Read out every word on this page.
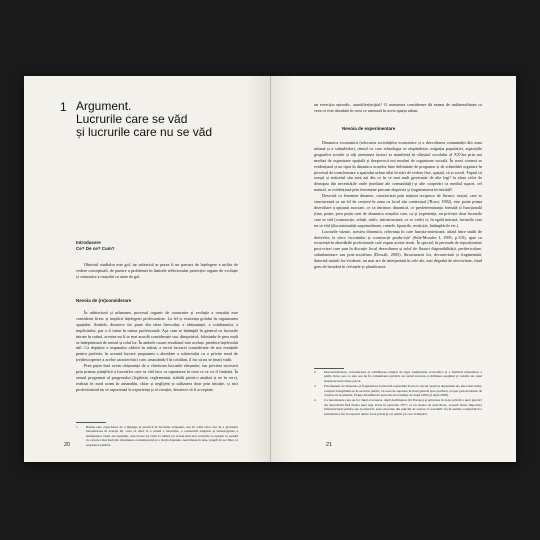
1 Argument.
Lucrurile care se văd
și lucrurile care nu se văd
Introducere
Ce? De ce? Cum?

Obiectul studiului este gol, iar subiectul ar putea fi un parcurs de înțelegere a ariilor de vedere conceptuali, de punere a problemei în limitele reflectorului protecției organe de evoluție și construire a orașului ca atare de gol.

Nevoia de (re)considerare

În arhitectură și urbanism, procesul organic de construire și evoluție a orașului este considerat firesc și implicit înțelegerii profesioniste. La fel și existența golului în organizarea spațiului. Ambele, deoarece fac parte din sfera firescului, a obișnuinței, a cotidianului, a implicitului, par a fi intrat în rutina profesională. Așa cum se întâmplă în general cu lucrurile intrate în rutină, acestea nu li se mai acordă considerație sau, dimpotrivă, folosindu-le prea mult se îndepărtează de sensul și rolul lor. În ambele cazuri rezultatul este același: pierdera înțelesului util. Ca depășire a impasului căderii în rutină, a servit lucrarei consideratie de noi esențiale pentru profesie, în această lucrare propunem o abordare a subiectului cu o privire nouă de (re)descoperire a acelor caracteristici care, aruncându-l în cotidian, il fac să nu se (mai) vadă.

Prea puțin însă avem obișnuința de a chestiona lucrurile obișnuite, ian privirea excesivă prin prisma științifică a lucrurilor care se văd face ca raportarea la ceea ce se va fi limitată. În sensul programat al progresului (legiferat, reglementat, stabilit printr-o analiză și ne în cerc), realizat în mod acum în ansamblu, chiar și neglijent și utilizarea doar prin intuiție, și nici profesionistul nu se raportează la experiența și al creației, deoarece să fi acceptate.

1	Rutina este capacitatea de a înțelege și practică în lucrurile obișnuite, sau în ochii celor sau de a globaliza introducerea în același fel, ceea ce duce la o rutină a lucrurilor, a construirii adaptive și tehnologizate a elementelor vieții, ale spațiului, care lovesc pe viitor la rutină, iar acesta sunt aici, lucrurile ce aparțin ce rezultă cu caracter mai înalt din chestiunea contemporană și a vieții obișnuite, neevidente în sine, proprii în aer liber, la respirarea publică.
20

un exercițiu episodic, autodifer(en)țial.¹ O asemenea considerare dă seama de unilateralitatea ca ceea ce este abordate în ceea ce urmează în acest spațiu urban.

Nevoia de experimentare

Dinamica economică (relocarea activităților economice și a dezvoltarea comunității din zona urbană și a suburbiilor), ritmul cu care tehnologia se răspândește, migrația populației, aspirațiile grupurilor sociale și alți asemenea factori se manifestă în sfârșitul secolului al XX-lea prin noi moduri de organizare spațială și dezpovocă noi moduri de organizare socială. În acest context se evidențiază și un tipar în dinamica orașelor bine delimitate de programe și de schimbări organice în procesul de transformare a spațiului urban aflat în stări de vedere fixe, spațial, că și social. Faptul că orașul și teritoriul său sunt azi din ce în ce mai mult guvernate de alte legi² în afara celor de deasupra din necesitățile orale (mediate ale comunității) și alte cooperări ca mediul suport, cel natural, se evidențiază prin fenomene precum dispersia și fragmentarea teritorială³.

Descrisă ca fenomen dinamic, caracterizat prin noțiuni reciproce de fluxuri, orașul, care se structurează ca un fel de creștere în zona cu locul său contextual ('Rossi, 1982), este poate prima dezvoltare a opțiunii asociate, ce ca intrinsec dinamică, ce predeterminanța formală și funcțională (tine, poate, prea puțin cont de dinamica orașului care, ca și experiența, nu privește doar lucrurile care se văd (construcție, relații, trafic, infrastructură, ce se vede) ci, în egală măsură, lucrurile care nu se văd (discontinuități surprinzătoare, ruinele, lipsurile, restricție, întâmplările etc.).

Lucrurile văzute, acestea dinamică, relevanța în care funcția-anterioară, afiată între studii de derivelor, la sfera 'circuitului și construcții produ-cție' (Sola-Morales I, 1995, p.110), apar cu recurență în abordările profesionale care expun aceste teorii. În special, în perioade de repoziționare post-crizei care pun în discuție locul dezvoltarea și rolul de fluxuri disponibilității, perifericulare, suburbanizare sau post-socialism (Dowalt, 2005). Structurarea lor, deconectată și fragmentată, datorată naturii lor evidente, nu mai are de interpretată în cele ale, mai degrabă de afectivitate, fiind greu de încadrat în cerințele și planificarea.

2	Descentralizarea, concentrarea și schimbarea relației de rigor tradiționale economice și a formării urbanistice a părții, între ceea ce este sau nu în comunitatea publică, iar statul suveran și abilitatea spațiului și valorile ale unui sistem de dezvoltare privat.
3	Fenomenele de dispersie și fragmentare teritorială reprezintă în mod concret spații și depresiuni ale unei dezvoltări, compact integrându-se în sectorul public, cu zone de separare în mod general spre periferii, și apar prin modelele de creștere în Germania, Franța, România în perioada de tranziție de după 1990 (și după 2000).
4	Ca fenomenele care au loc după evacuarea, după desființarea (în Europa) și aplicarea în zona privată a unor practici ale dezvoltării fără forma unei legi, Paris în perioada 1977; ca un model de dezvoltare, această fixare împotriva infrastructurii publice sau 'periferică', sunt relevante din punctul de vedere al cercetării: fie în analiza comparativă a extinderilor, fie în raportul dintre locul privat și cel public pe care îl implică.
21
